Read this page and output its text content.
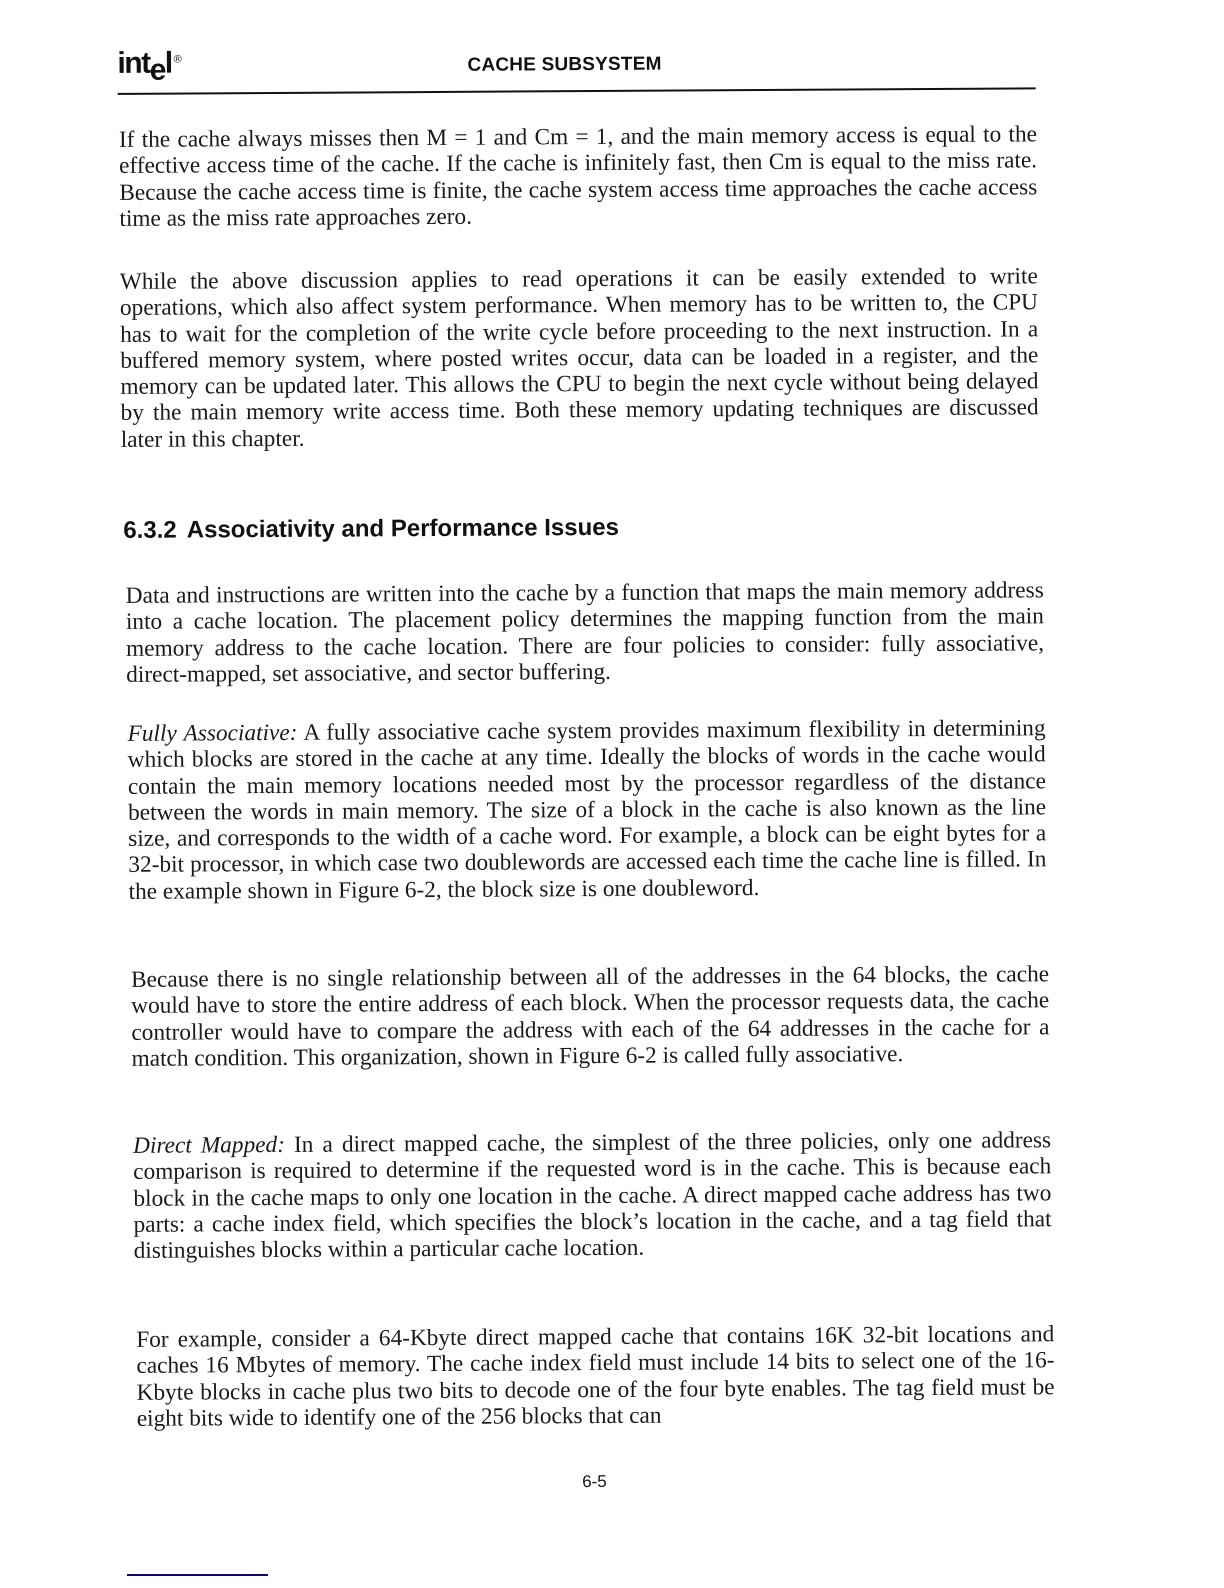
intel ®	CACHE SUBSYSTEM

If the cache always misses then M = 1 and Cm = 1, and the main memory access is equal to the effective access time of the cache. If the cache is infinitely fast, then Cm is equal to the miss rate. Because the cache access time is finite, the cache system access time approaches the cache access time as the miss rate approaches zero.

While the above discussion applies to read operations it can be easily extended to write operations, which also affect system performance. When memory has to be written to, the CPU has to wait for the completion of the write cycle before proceeding to the next instruction. In a buffered memory system, where posted writes occur, data can be loaded in a register, and the memory can be updated later. This allows the CPU to begin the next cycle without being delayed by the main memory write access time. Both these memory updating techniques are discussed later in this chapter.

6.3.2 Associativity and Performance Issues

Data and instructions are written into the cache by a function that maps the main memory address into a cache location. The placement policy determines the mapping function from the main memory address to the cache location. There are four policies to consider: fully associative, direct-mapped, set associative, and sector buffering.

Fully Associative: A fully associative cache system provides maximum flexibility in determining which blocks are stored in the cache at any time. Ideally the blocks of words in the cache would contain the main memory locations needed most by the processor regardless of the distance between the words in main memory. The size of a block in the cache is also known as the line size, and corresponds to the width of a cache word. For example, a block can be eight bytes for a 32-bit processor, in which case two doublewords are accessed each time the cache line is filled. In the example shown in Figure 6-2, the block size is one doubleword.

Because there is no single relationship between all of the addresses in the 64 blocks, the cache would have to store the entire address of each block. When the processor requests data, the cache controller would have to compare the address with each of the 64 addresses in the cache for a match condition. This organization, shown in Figure 6-2 is called fully associative.

Direct Mapped: In a direct mapped cache, the simplest of the three policies, only one address comparison is required to determine if the requested word is in the cache. This is because each block in the cache maps to only one location in the cache. A direct mapped cache address has two parts: a cache index field, which specifies the block’s location in the cache, and a tag field that distinguishes blocks within a particular cache location.

For example, consider a 64-Kbyte direct mapped cache that contains 16K 32-bit locations and caches 16 Mbytes of memory. The cache index field must include 14 bits to select one of the 16-Kbyte blocks in cache plus two bits to decode one of the four byte enables. The tag field must be eight bits wide to identify one of the 256 blocks that can

6-5
